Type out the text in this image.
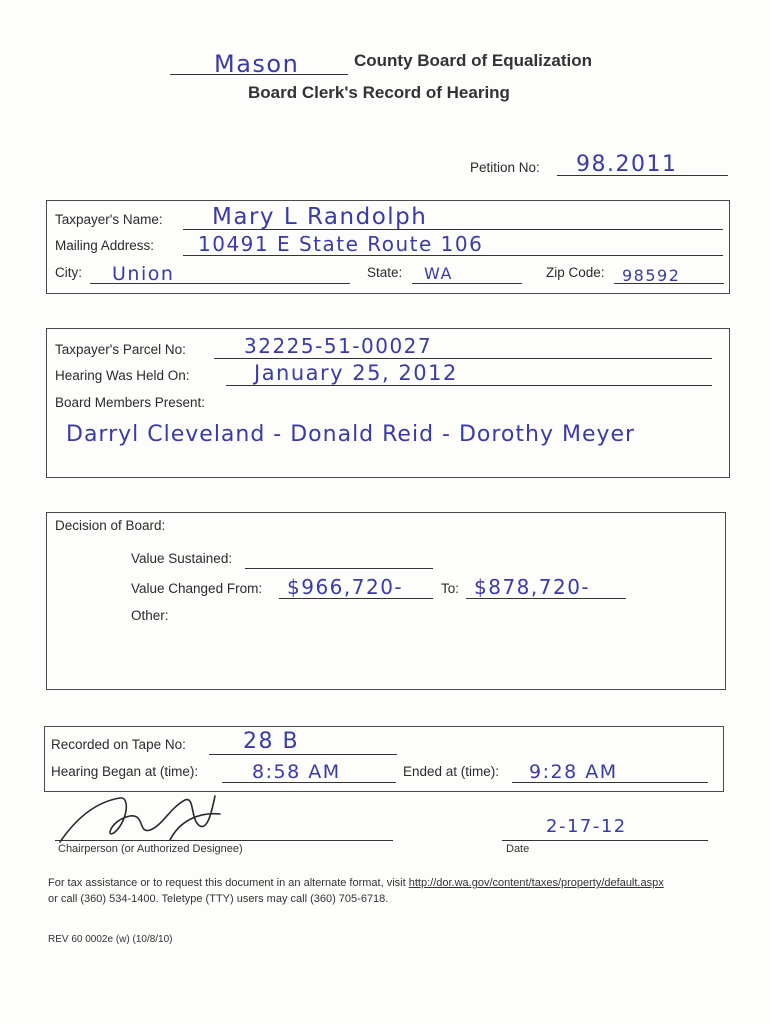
Mason	County Board of Equalization
Board Clerk's Record of Hearing
Petition No: 98.2011
Taxpayer's Name: Mary L Randolph
Mailing Address: 10491 E State Route 106
City: Union	State: WA	Zip Code: 98592
Taxpayer's Parcel No:	32225-51-00027
Hearing Was Held On:	January 25, 2012
Board Members Present:
Darryl Cleveland - Donald Reid - Dorothy Meyer
Decision of Board:
Value Sustained:
Value Changed From: $966,720-	To: $878,720-
Other:
Recorded on Tape No:	28 B
Hearing Began at (time):	8:58 AM	Ended at (time): 9:28 AM
Chairperson (or Authorized Designee)
2-17-12
Date
For tax assistance or to request this document in an alternate format, visit http://dor.wa.gov/content/taxes/property/default.aspx
or call (360) 534-1400. Teletype (TTY) users may call (360) 705-6718.
REV 60 0002e (w) (10/8/10)
